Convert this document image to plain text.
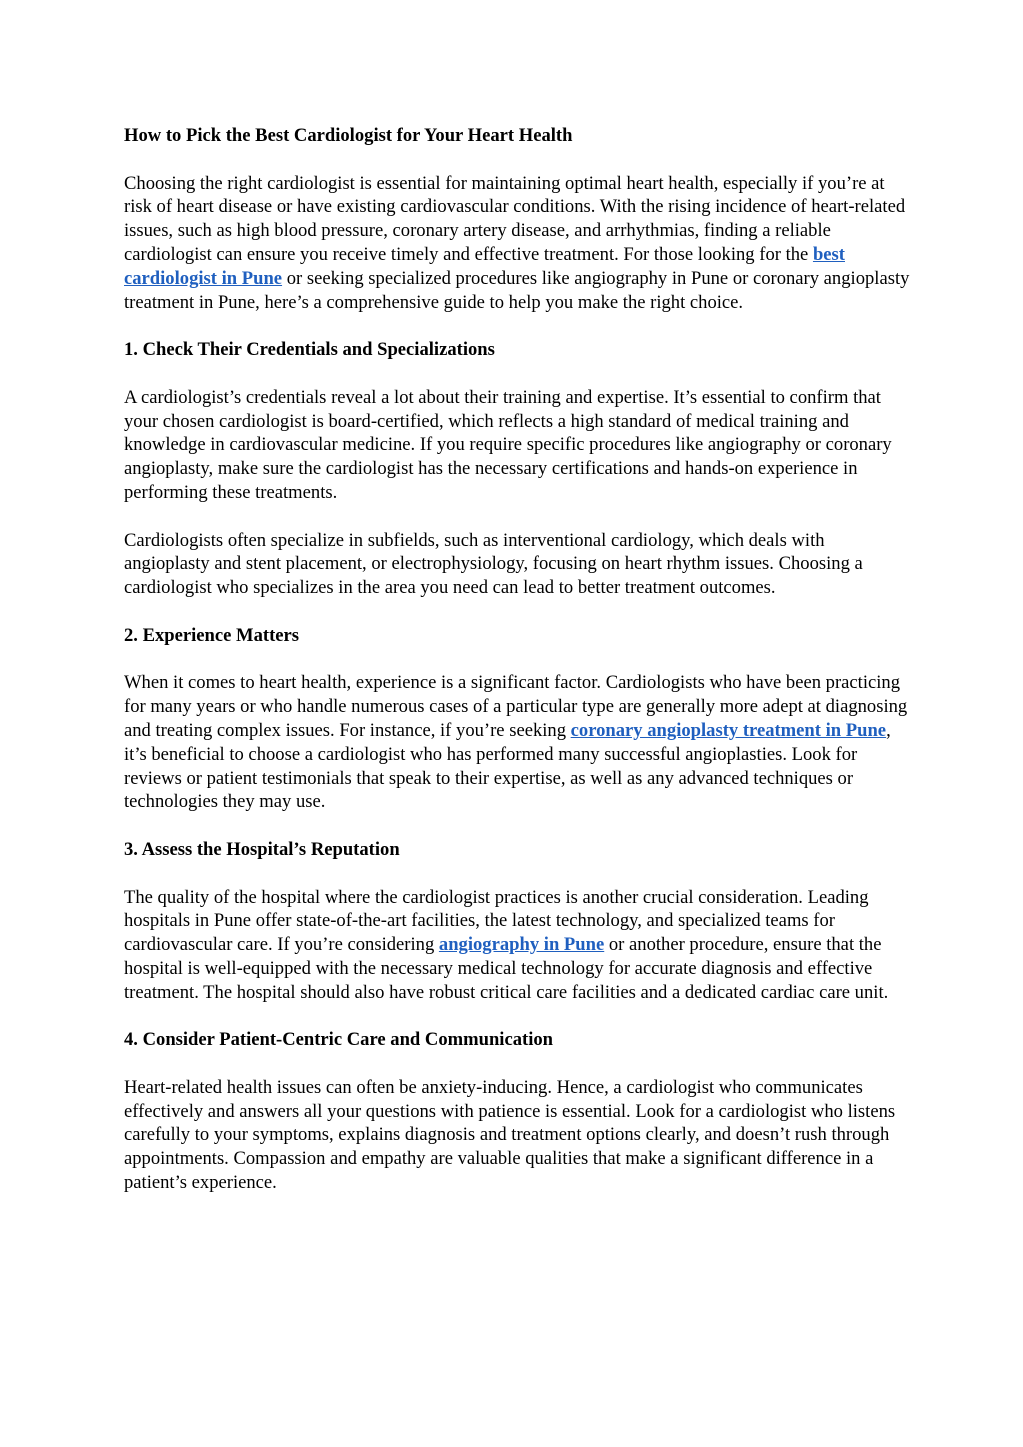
How to Pick the Best Cardiologist for Your Heart Health

Choosing the right cardiologist is essential for maintaining optimal heart health, especially if you’re at risk of heart disease or have existing cardiovascular conditions. With the rising incidence of heart-related issues, such as high blood pressure, coronary artery disease, and arrhythmias, finding a reliable cardiologist can ensure you receive timely and effective treatment. For those looking for the best cardiologist in Pune or seeking specialized procedures like angiography in Pune or coronary angioplasty treatment in Pune, here’s a comprehensive guide to help you make the right choice.

1. Check Their Credentials and Specializations

A cardiologist’s credentials reveal a lot about their training and expertise. It’s essential to confirm that your chosen cardiologist is board-certified, which reflects a high standard of medical training and knowledge in cardiovascular medicine. If you require specific procedures like angiography or coronary angioplasty, make sure the cardiologist has the necessary certifications and hands-on experience in performing these treatments.

Cardiologists often specialize in subfields, such as interventional cardiology, which deals with angioplasty and stent placement, or electrophysiology, focusing on heart rhythm issues. Choosing a cardiologist who specializes in the area you need can lead to better treatment outcomes.

2. Experience Matters

When it comes to heart health, experience is a significant factor. Cardiologists who have been practicing for many years or who handle numerous cases of a particular type are generally more adept at diagnosing and treating complex issues. For instance, if you’re seeking coronary angioplasty treatment in Pune, it’s beneficial to choose a cardiologist who has performed many successful angioplasties. Look for reviews or patient testimonials that speak to their expertise, as well as any advanced techniques or technologies they may use.

3. Assess the Hospital’s Reputation

The quality of the hospital where the cardiologist practices is another crucial consideration. Leading hospitals in Pune offer state-of-the-art facilities, the latest technology, and specialized teams for cardiovascular care. If you’re considering angiography in Pune or another procedure, ensure that the hospital is well-equipped with the necessary medical technology for accurate diagnosis and effective treatment. The hospital should also have robust critical care facilities and a dedicated cardiac care unit.

4. Consider Patient-Centric Care and Communication

Heart-related health issues can often be anxiety-inducing. Hence, a cardiologist who communicates effectively and answers all your questions with patience is essential. Look for a cardiologist who listens carefully to your symptoms, explains diagnosis and treatment options clearly, and doesn’t rush through appointments. Compassion and empathy are valuable qualities that make a significant difference in a patient’s experience.
